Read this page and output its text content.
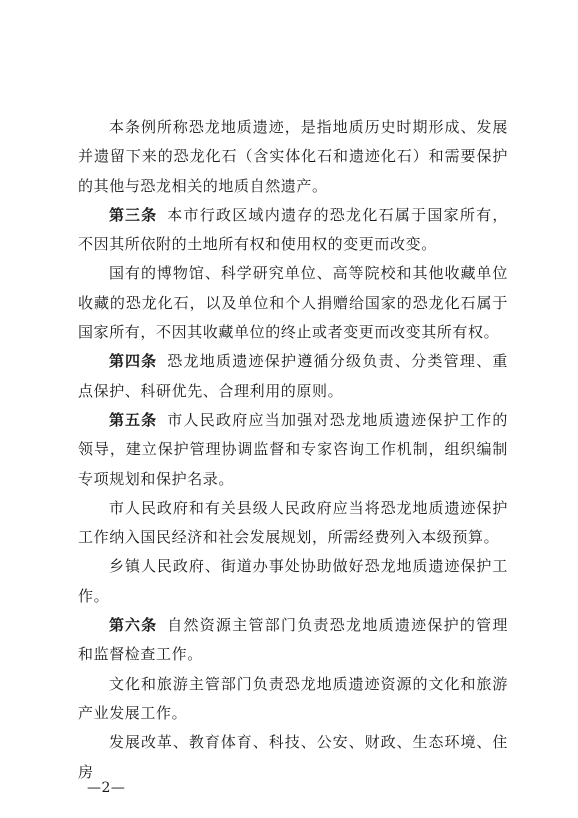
本条例所称恐龙地质遗迹，是指地质历史时期形成、发展并遗留下来的恐龙化石（含实体化石和遗迹化石）和需要保护的其他与恐龙相关的地质自然遗产。

第三条 本市行政区域内遗存的恐龙化石属于国家所有，不因其所依附的土地所有权和使用权的变更而改变。

国有的博物馆、科学研究单位、高等院校和其他收藏单位收藏的恐龙化石，以及单位和个人捐赠给国家的恐龙化石属于国家所有，不因其收藏单位的终止或者变更而改变其所有权。

第四条 恐龙地质遗迹保护遵循分级负责、分类管理、重点保护、科研优先、合理利用的原则。

第五条 市人民政府应当加强对恐龙地质遗迹保护工作的领导，建立保护管理协调监督和专家咨询工作机制，组织编制专项规划和保护名录。

市人民政府和有关县级人民政府应当将恐龙地质遗迹保护工作纳入国民经济和社会发展规划，所需经费列入本级预算。

乡镇人民政府、街道办事处协助做好恐龙地质遗迹保护工作。

第六条 自然资源主管部门负责恐龙地质遗迹保护的管理和监督检查工作。

文化和旅游主管部门负责恐龙地质遗迹资源的文化和旅游产业发展工作。

发展改革、教育体育、科技、公安、财政、生态环境、住房

—2—
